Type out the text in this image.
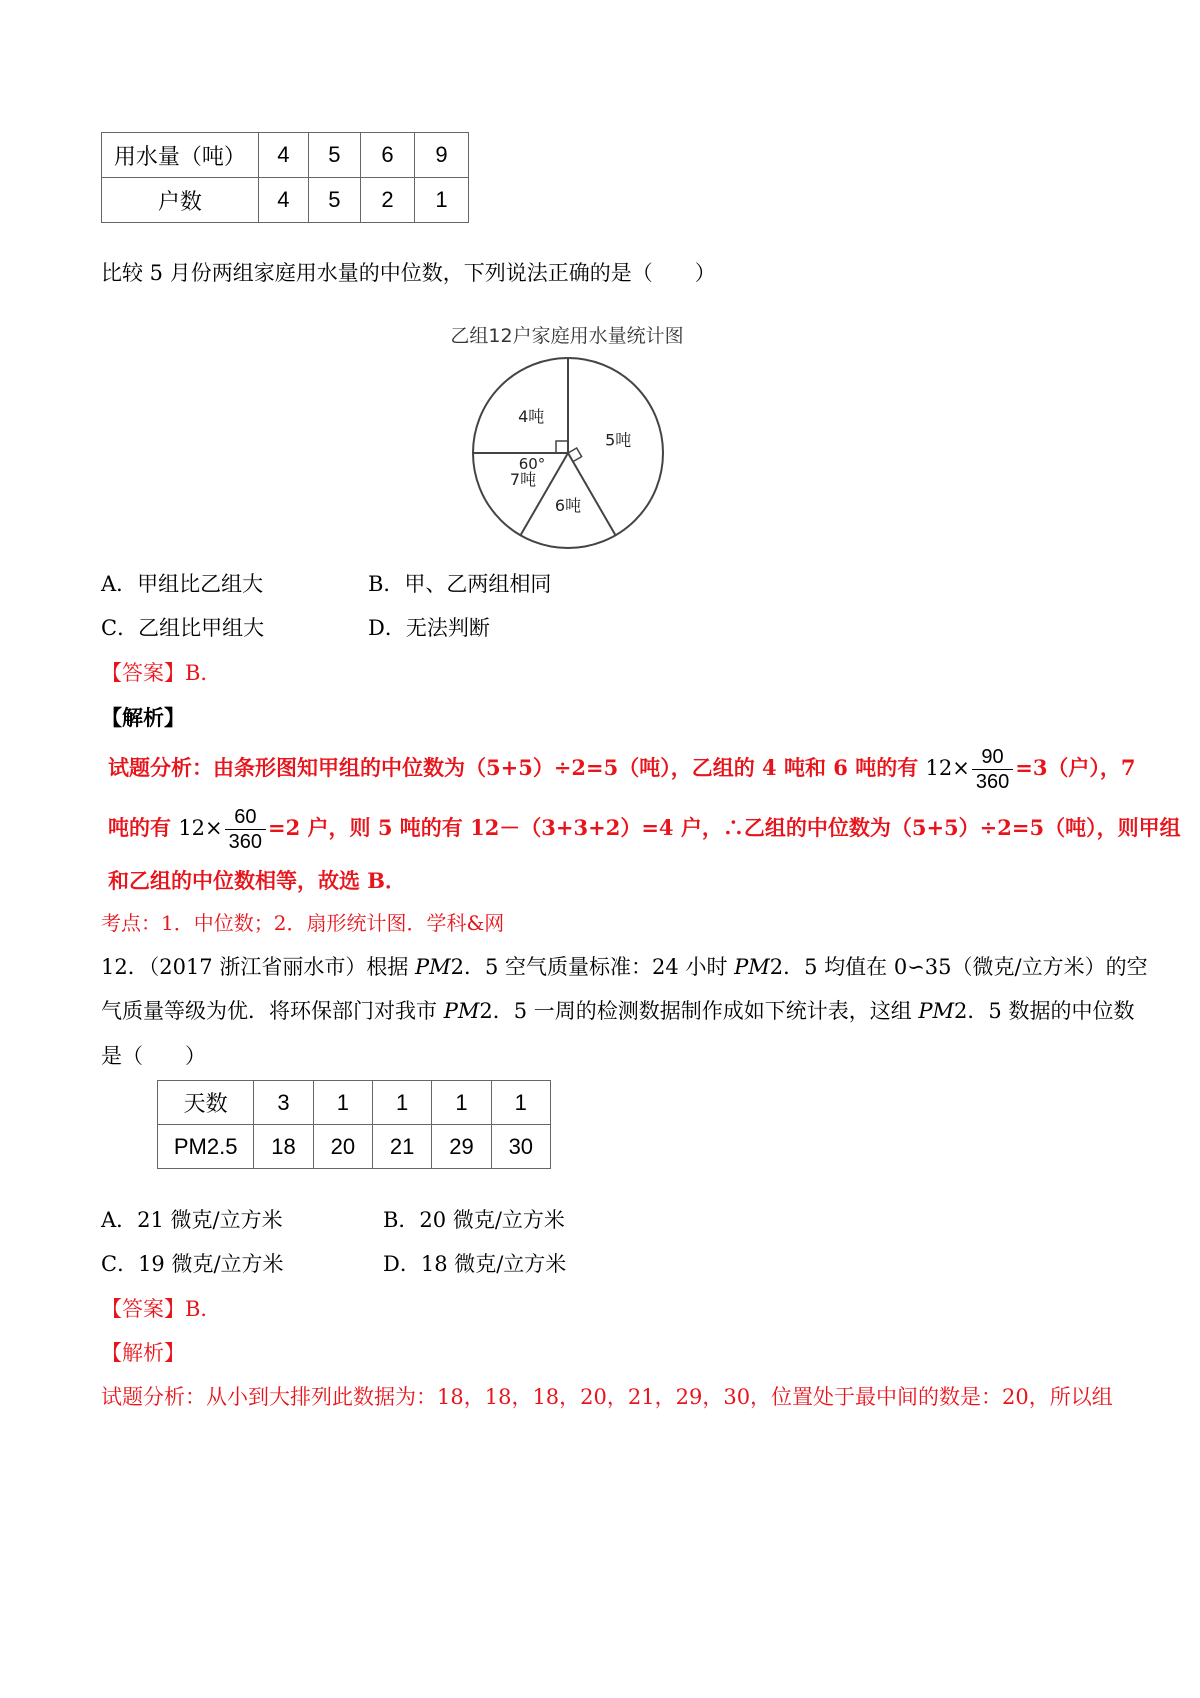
用水量（吨）	4	5	6	9
户数	4	5	2	1
比较 5 月份两组家庭用水量的中位数，下列说法正确的是（　　）
乙组12户家庭用水量统计图
5吨
6吨
7吨
4吨
60°
A．甲组比乙组大	B．甲、乙两组相同
C．乙组比甲组大	D．无法判断
【答案】B．
【解析】
试题分析：由条形图知甲组的中位数为（5+5）÷2=5（吨），乙组的 4 吨和 6 吨的有 $12\times \frac{90}{360} =3$（户），7
吨的有 $12\times \frac{60}{360} =2$ 户，则 5 吨的有 12－（3+3+2）=4 户，∴乙组的中位数为（5+5）÷2=5（吨），则甲组
和乙组的中位数相等，故选 B．
考点：1．中位数；2．扇形统计图．学科&网
12．（2017 浙江省丽水市）根据 PM2．5 空气质量标准：24 小时 PM2．5 均值在 0∽35（微克/立方米）的空
气质量等级为优．将环保部门对我市 PM2．5 一周的检测数据制作成如下统计表，这组 PM2．5 数据的中位数
是（　　）
天数	3	1	1	1	1
PM2.5	18	20	21	29	30
A．21 微克/立方米	B．20 微克/立方米
C．19 微克/立方米	D．18 微克/立方米
【答案】B．
【解析】
试题分析：从小到大排列此数据为：18，18，18，20，21，29，30，位置处于最中间的数是：20，所以组
